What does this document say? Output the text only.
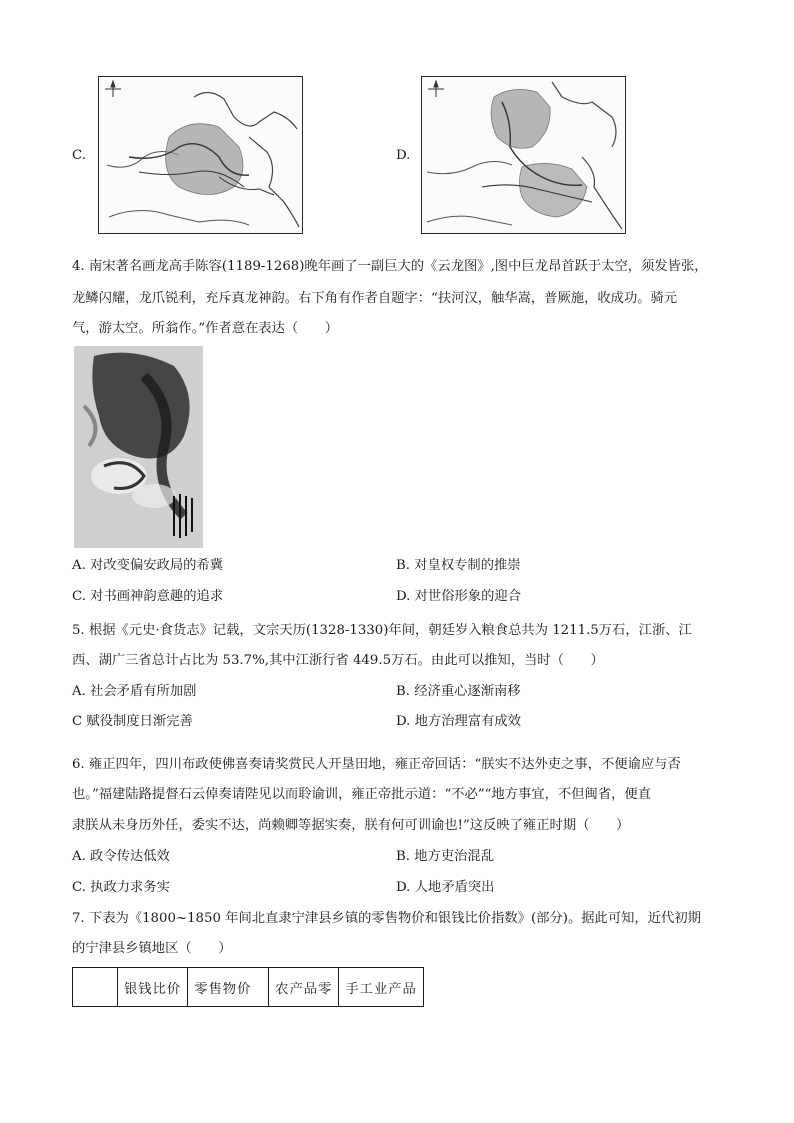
C.	D.
4. 南宋著名画龙高手陈容(1189-1268)晚年画了一副巨大的《云龙图》,图中巨龙昂首跃于太空，须发皆张，
龙鳞闪耀，龙爪锐利，充斥真龙神韵。右下角有作者自题字：“扶河汉，触华嵩，普厥施，收成功。骑元
气，游太空。所翁作。”作者意在表达（　　）
A. 对改变偏安政局的希冀	B. 对皇权专制的推崇
C. 对书画神韵意趣的追求	D. 对世俗形象的迎合
5. 根据《元史·食货志》记载，文宗天历(1328-1330)年间，朝廷岁入粮食总共为 1211.5万石，江浙、江
西、湖广三省总计占比为 53.7%,其中江浙行省 449.5万石。由此可以推知，当时（　　）
A. 社会矛盾有所加剧	B. 经济重心逐渐南移
C 赋役制度日渐完善	D. 地方治理富有成效
6. 雍正四年，四川布政使佛喜奏请奖赏民人开垦田地，雍正帝回话：“朕实不达外吏之事，不便谕应与否
也。”福建陆路提督石云倬奏请陛见以而聆谕训，雍正帝批示道：“不必”“地方事宜，不但闽省，便直
隶朕从未身历外任，委实不达，尚赖卿等据实奏，朕有何可训谕也!”这反映了雍正时期（　　）
A. 政令传达低效	B. 地方吏治混乱
C. 执政力求务实	D. 人地矛盾突出
7. 下表为《1800~1850 年间北直隶宁津县乡镇的零售物价和银钱比价指数》(部分)。据此可知，近代初期
的宁津县乡镇地区（　　）
	银钱比价	零售物价	农产品零	手工业产品
